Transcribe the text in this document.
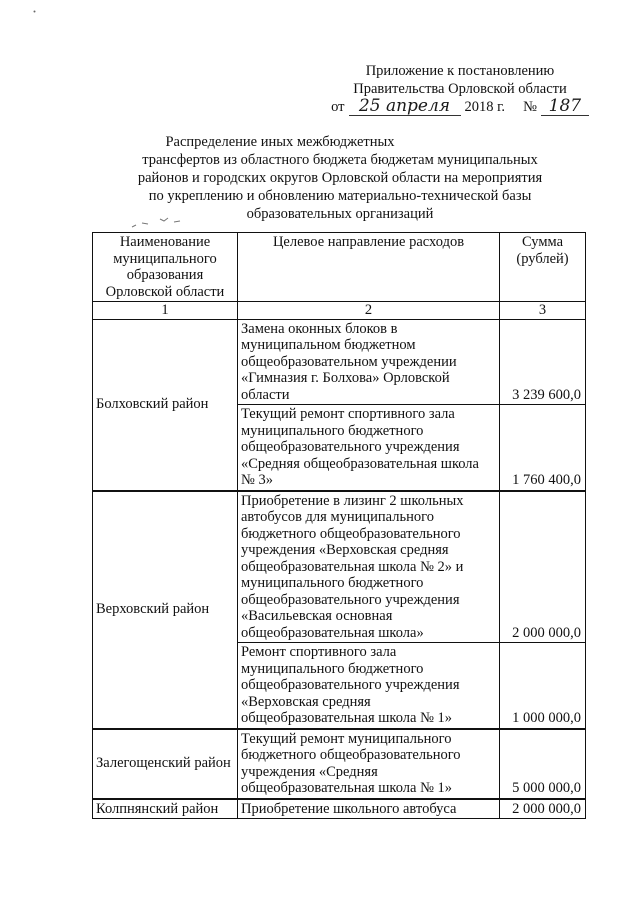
Приложение к постановлению
Правительства Орловской области
от 25 апреля 2018 г. № 187
Распределение иных межбюджетных
трансфертов из областного бюджета бюджетам муниципальных
районов и городских округов Орловской области на мероприятия
по укреплению и обновлению материально-технической базы
образовательных организаций
Наименование муниципального образования Орловской области	Целевое направление расходов	Сумма (рублей)
1	2	3
Болховский район	Замена оконных блоков в муниципальном бюджетном общеобразовательном учреждении «Гимназия г. Болхова» Орловской области	3 239 600,0
	Текущий ремонт спортивного зала муниципального бюджетного общеобразовательного учреждения «Средняя общеобразовательная школа № 3»	1 760 400,0
Верховский район	Приобретение в лизинг 2 школьных автобусов для муниципального бюджетного общеобразовательного учреждения «Верховская средняя общеобразовательная школа № 2» и муниципального бюджетного общеобразовательного учреждения «Васильевская основная общеобразовательная школа»	2 000 000,0
	Ремонт спортивного зала муниципального бюджетного общеобразовательного учреждения «Верховская средняя общеобразовательная школа № 1»	1 000 000,0
Залегощенский район	Текущий ремонт муниципального бюджетного общеобразовательного учреждения «Средняя общеобразовательная школа № 1»	5 000 000,0
Колпнянский район	Приобретение школьного автобуса	2 000 000,0
